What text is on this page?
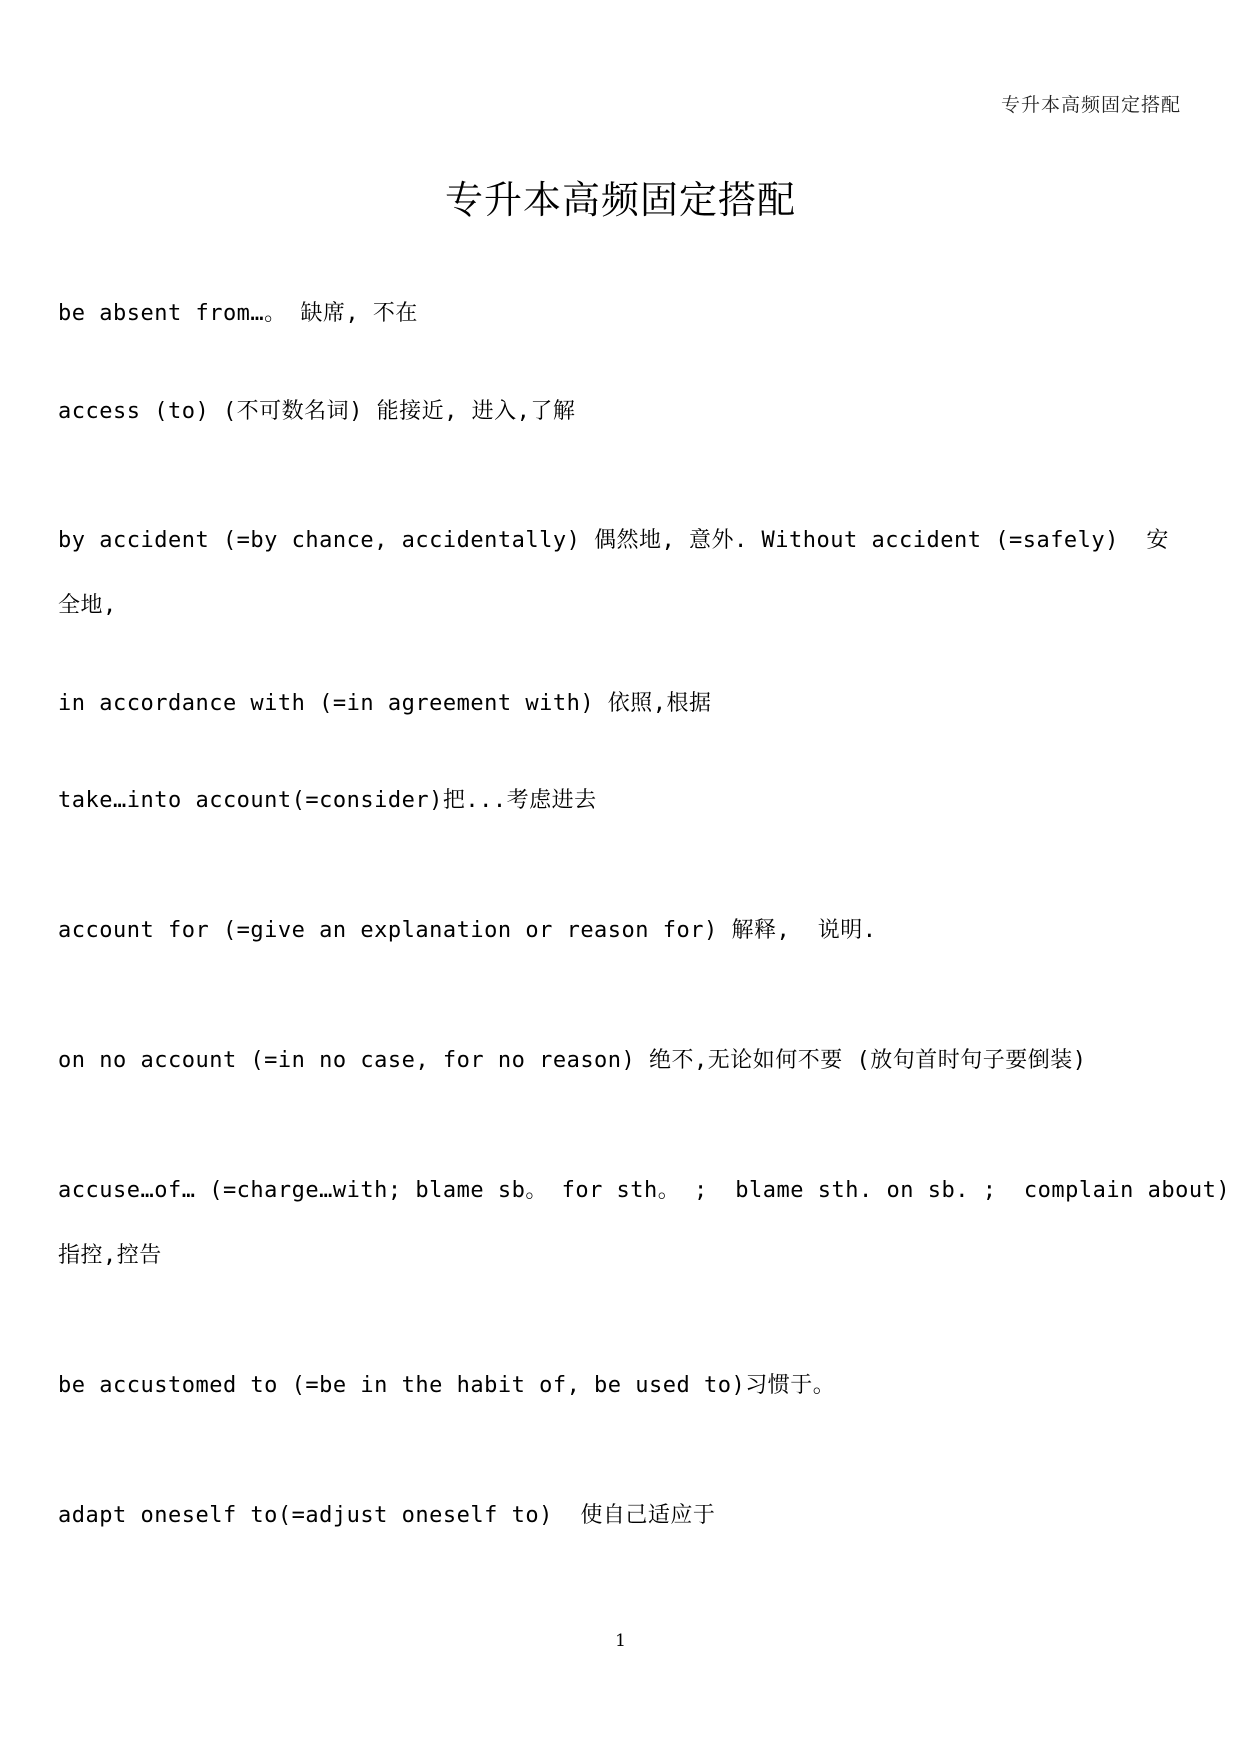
专升本高频固定搭配
专升本高频固定搭配
be absent from…。 缺席, 不在
access (to) (不可数名词) 能接近, 进入,了解
by accident (=by chance, accidentally) 偶然地, 意外. Without accident (=safely)  安
全地,
in accordance with (=in agreement with) 依照,根据
take…into account(=consider)把...考虑进去
account for (=give an explanation or reason for) 解释,  说明.
on no account (=in no case, for no reason) 绝不,无论如何不要 (放句首时句子要倒装)
accuse…of… (=charge…with; blame sb。 for sth。 ;  blame sth. on sb. ;  complain about)
指控,控告
be accustomed to (=be in the habit of, be used to)习惯于。
adapt oneself to(=adjust oneself to)  使自己适应于
1
